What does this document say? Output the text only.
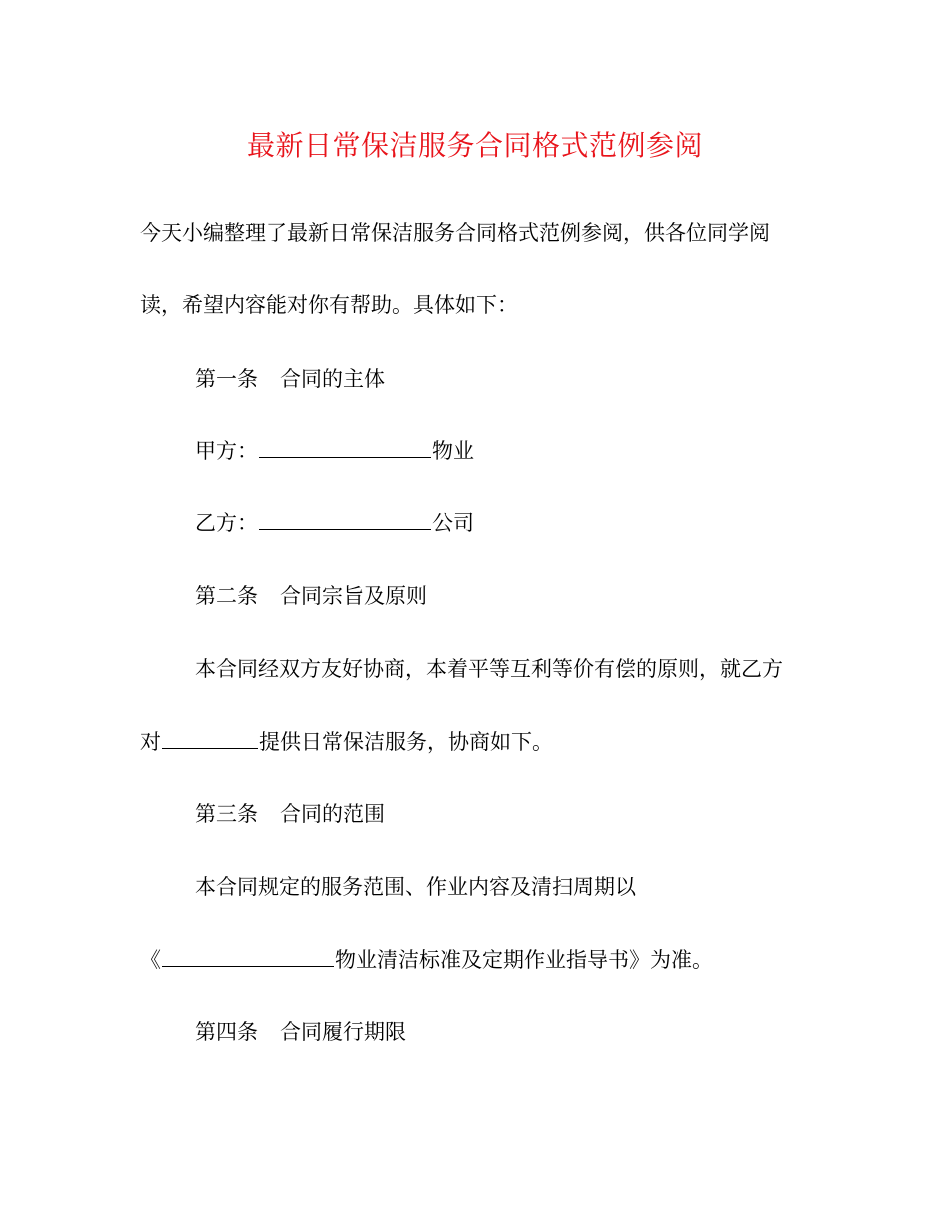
最新日常保洁服务合同格式范例参阅
今天小编整理了最新日常保洁服务合同格式范例参阅，供各位同学阅
读，希望内容能对你有帮助。具体如下：
第一条 合同的主体
甲方：	物业
乙方：	公司
第二条 合同宗旨及原则
本合同经双方友好协商，本着平等互利等价有偿的原则，就乙方
对	提供日常保洁服务，协商如下。
第三条 合同的范围
本合同规定的服务范围、作业内容及清扫周期以
《	物业清洁标准及定期作业指导书》为准。
第四条 合同履行期限
